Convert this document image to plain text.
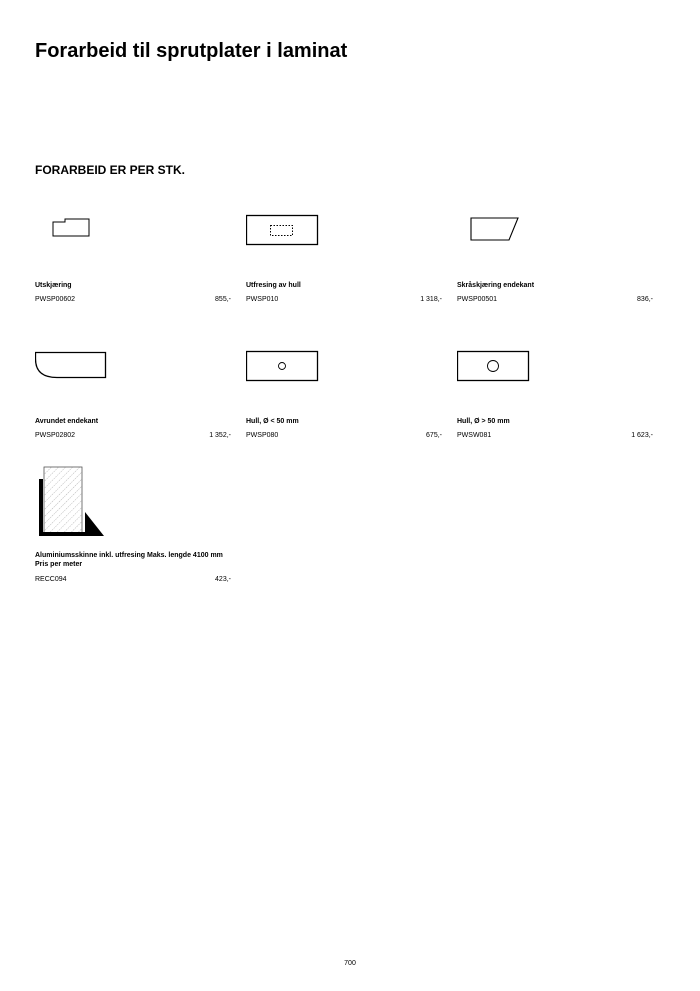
Forarbeid til sprutplater i laminat
FORARBEID ER PER STK.
Utskjæring
PWSP00602	855,-
Utfresing av hull
PWSP010	1 318,-
Skråskjæring endekant
PWSP00501	836,-
Avrundet endekant
PWSP02802	1 352,-
Hull, Ø < 50 mm
PWSP080	675,-
Hull, Ø > 50 mm
PWSW081	1 623,-
Aluminiumsskinne inkl. utfresing Maks. lengde 4100 mm Pris per meter
RECC094	423,-
700
